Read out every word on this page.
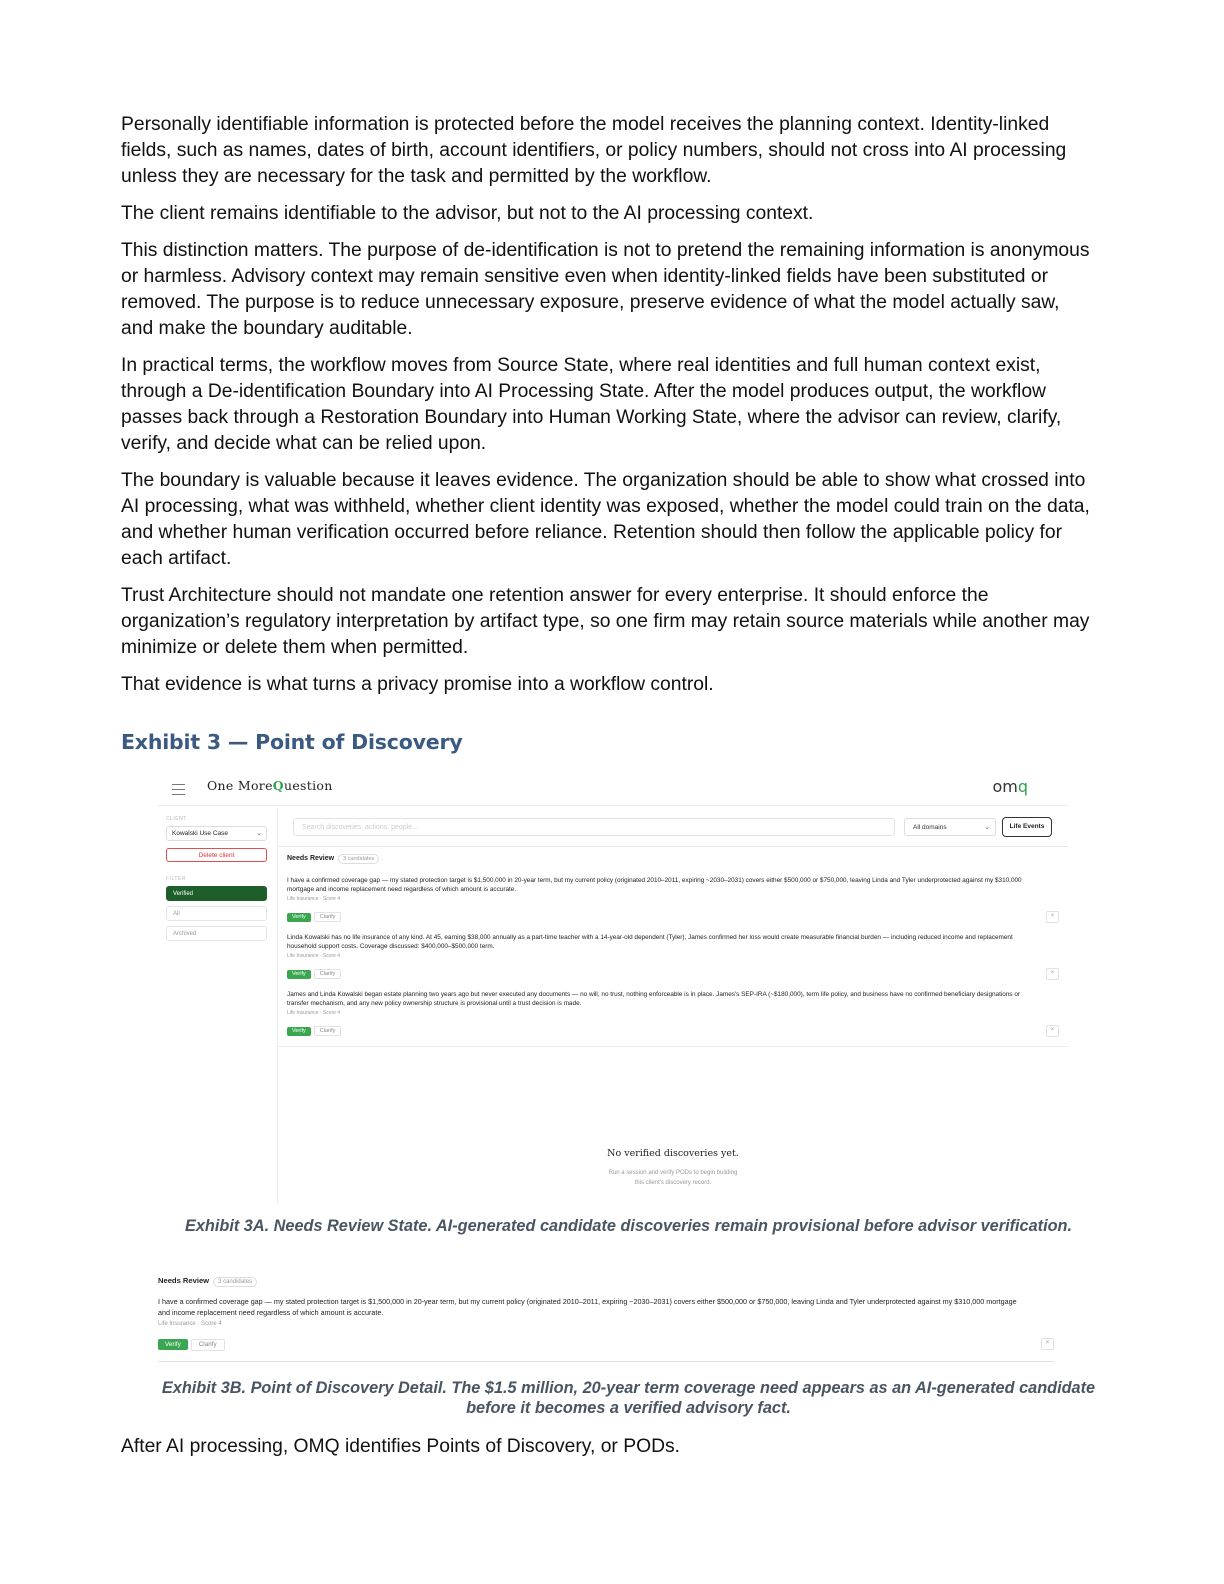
Personally identifiable information is protected before the model receives the planning context. Identity-linked fields, such as names, dates of birth, account identifiers, or policy numbers, should not cross into AI processing unless they are necessary for the task and permitted by the workflow.

The client remains identifiable to the advisor, but not to the AI processing context.

This distinction matters. The purpose of de-identification is not to pretend the remaining information is anonymous or harmless. Advisory context may remain sensitive even when identity-linked fields have been substituted or removed. The purpose is to reduce unnecessary exposure, preserve evidence of what the model actually saw, and make the boundary auditable.

In practical terms, the workflow moves from Source State, where real identities and full human context exist, through a De-identification Boundary into AI Processing State. After the model produces output, the workflow passes back through a Restoration Boundary into Human Working State, where the advisor can review, clarify, verify, and decide what can be relied upon.

The boundary is valuable because it leaves evidence. The organization should be able to show what crossed into AI processing, what was withheld, whether client identity was exposed, whether the model could train on the data, and whether human verification occurred before reliance. Retention should then follow the applicable policy for each artifact.

Trust Architecture should not mandate one retention answer for every enterprise. It should enforce the organization’s regulatory interpretation by artifact type, so one firm may retain source materials while another may minimize or delete them when permitted.

That evidence is what turns a privacy promise into a workflow control.

Exhibit 3 — Point of Discovery
One MoreQuestion	omq
CLIENT
Kowalski Use Case	⌄
Delete client
FILTER
Verified
All
Archived
Search discoveries, actions, people...	All domains	⌄	Life Events
Needs Review 3 candidates

I have a confirmed coverage gap — my stated protection target is $1,500,000 in 20-year term, but my current policy (originated 2010–2011, expiring ~2030–2031) covers either $500,000 or $750,000, leaving Linda and Tyler underprotected against my $310,000 mortgage and income replacement need regardless of which amount is accurate.

Life Insurance · Score 4
Verify	Clarify	×

Linda Kowalski has no life insurance of any kind. At 45, earning $38,000 annually as a part-time teacher with a 14-year-old dependent (Tyler), James confirmed her loss would create measurable financial burden — including reduced income and replacement household support costs. Coverage discussed: $400,000–$500,000 term.

Life Insurance · Score 4
Verify	Clarify	×

James and Linda Kowalski began estate planning two years ago but never executed any documents — no will, no trust, nothing enforceable is in place. James's SEP-IRA (~$180,000), term life policy, and business have no confirmed beneficiary designations or transfer mechanism, and any new policy ownership structure is provisional until a trust decision is made.

Life Insurance · Score 4
Verify	Clarify	×
No verified discoveries yet.
Run a session and verify PODs to begin building
this client's discovery record.

Exhibit 3A. Needs Review State. AI-generated candidate discoveries remain provisional before advisor verification.

Needs Review 3 candidates

I have a confirmed coverage gap — my stated protection target is $1,500,000 in 20-year term, but my current policy (originated 2010–2011, expiring ~2030–2031) covers either $500,000 or $750,000, leaving Linda and Tyler underprotected against my $310,000 mortgage and income replacement need regardless of which amount is accurate.

Life Insurance · Score 4
Verify	Clarify	×

Exhibit 3B. Point of Discovery Detail. The $1.5 million, 20-year term coverage need appears as an AI-generated candidate before it becomes a verified advisory fact.

After AI processing, OMQ identifies Points of Discovery, or PODs.
